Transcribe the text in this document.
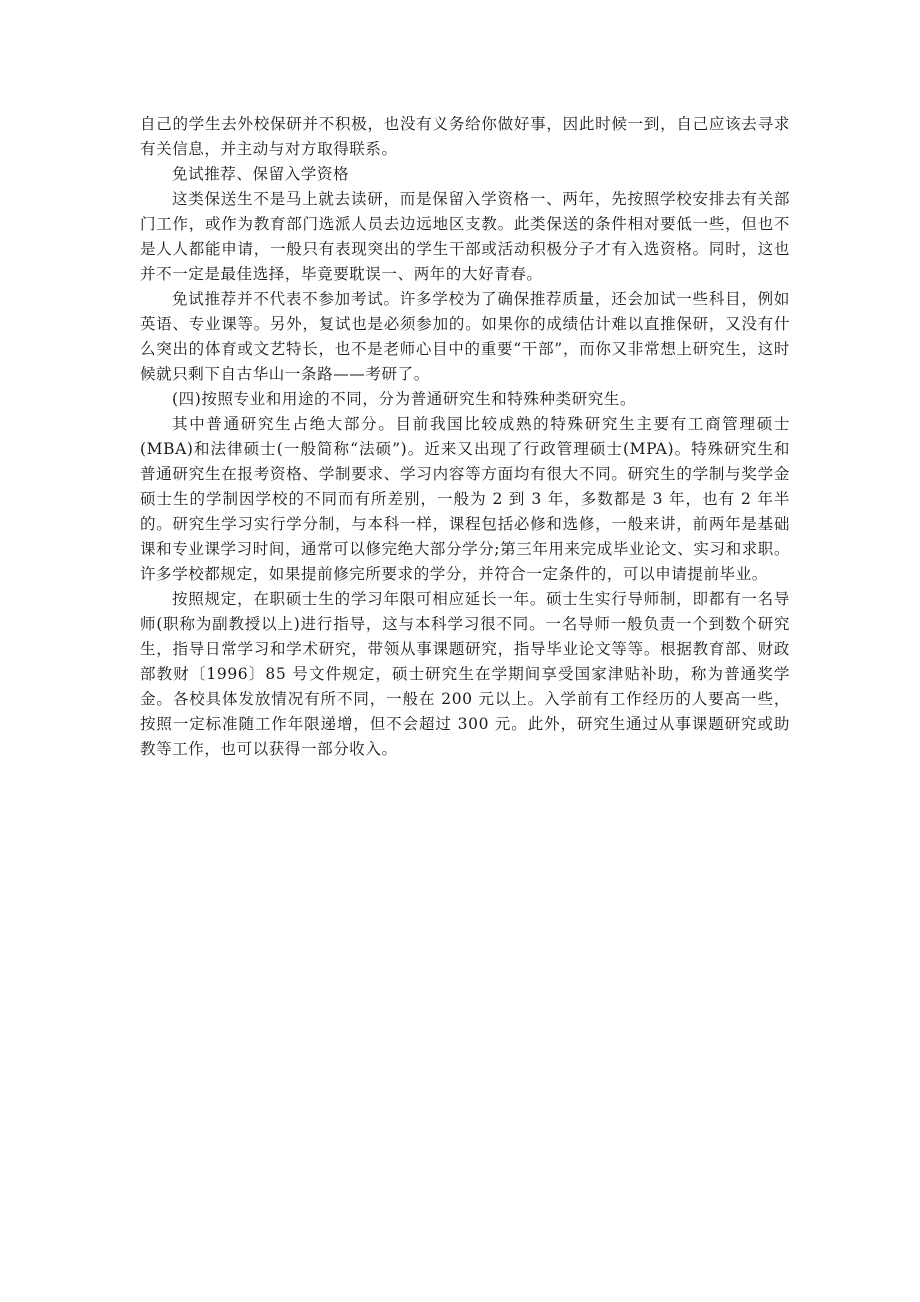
自己的学生去外校保研并不积极，也没有义务给你做好事，因此时候一到，自己应该去寻求有关信息，并主动与对方取得联系。

免试推荐、保留入学资格

这类保送生不是马上就去读研，而是保留入学资格一、两年，先按照学校安排去有关部门工作，或作为教育部门选派人员去边远地区支教。此类保送的条件相对要低一些，但也不是人人都能申请，一般只有表现突出的学生干部或活动积极分子才有入选资格。同时，这也并不一定是最佳选择，毕竟要耽误一、两年的大好青春。

免试推荐并不代表不参加考试。许多学校为了确保推荐质量，还会加试一些科目，例如英语、专业课等。另外，复试也是必须参加的。如果你的成绩估计难以直推保研，又没有什么突出的体育或文艺特长，也不是老师心目中的重要“干部”，而你又非常想上研究生，这时候就只剩下自古华山一条路——考研了。

(四)按照专业和用途的不同，分为普通研究生和特殊种类研究生。

其中普通研究生占绝大部分。目前我国比较成熟的特殊研究生主要有工商管理硕士(MBA)和法律硕士(一般简称“法硕”)。近来又出现了行政管理硕士(MPA)。特殊研究生和普通研究生在报考资格、学制要求、学习内容等方面均有很大不同。研究生的学制与奖学金硕士生的学制因学校的不同而有所差别，一般为 2 到 3 年，多数都是 3 年，也有 2 年半的。研究生学习实行学分制，与本科一样，课程包括必修和选修，一般来讲，前两年是基础课和专业课学习时间，通常可以修完绝大部分学分;第三年用来完成毕业论文、实习和求职。许多学校都规定，如果提前修完所要求的学分，并符合一定条件的，可以申请提前毕业。

按照规定，在职硕士生的学习年限可相应延长一年。硕士生实行导师制，即都有一名导师(职称为副教授以上)进行指导，这与本科学习很不同。一名导师一般负责一个到数个研究生，指导日常学习和学术研究，带领从事课题研究，指导毕业论文等等。根据教育部、财政部教财〔1996〕85 号文件规定，硕士研究生在学期间享受国家津贴补助，称为普通奖学金。各校具体发放情况有所不同，一般在 200 元以上。入学前有工作经历的人要高一些，按照一定标准随工作年限递增，但不会超过 300 元。此外，研究生通过从事课题研究或助教等工作，也可以获得一部分收入。
